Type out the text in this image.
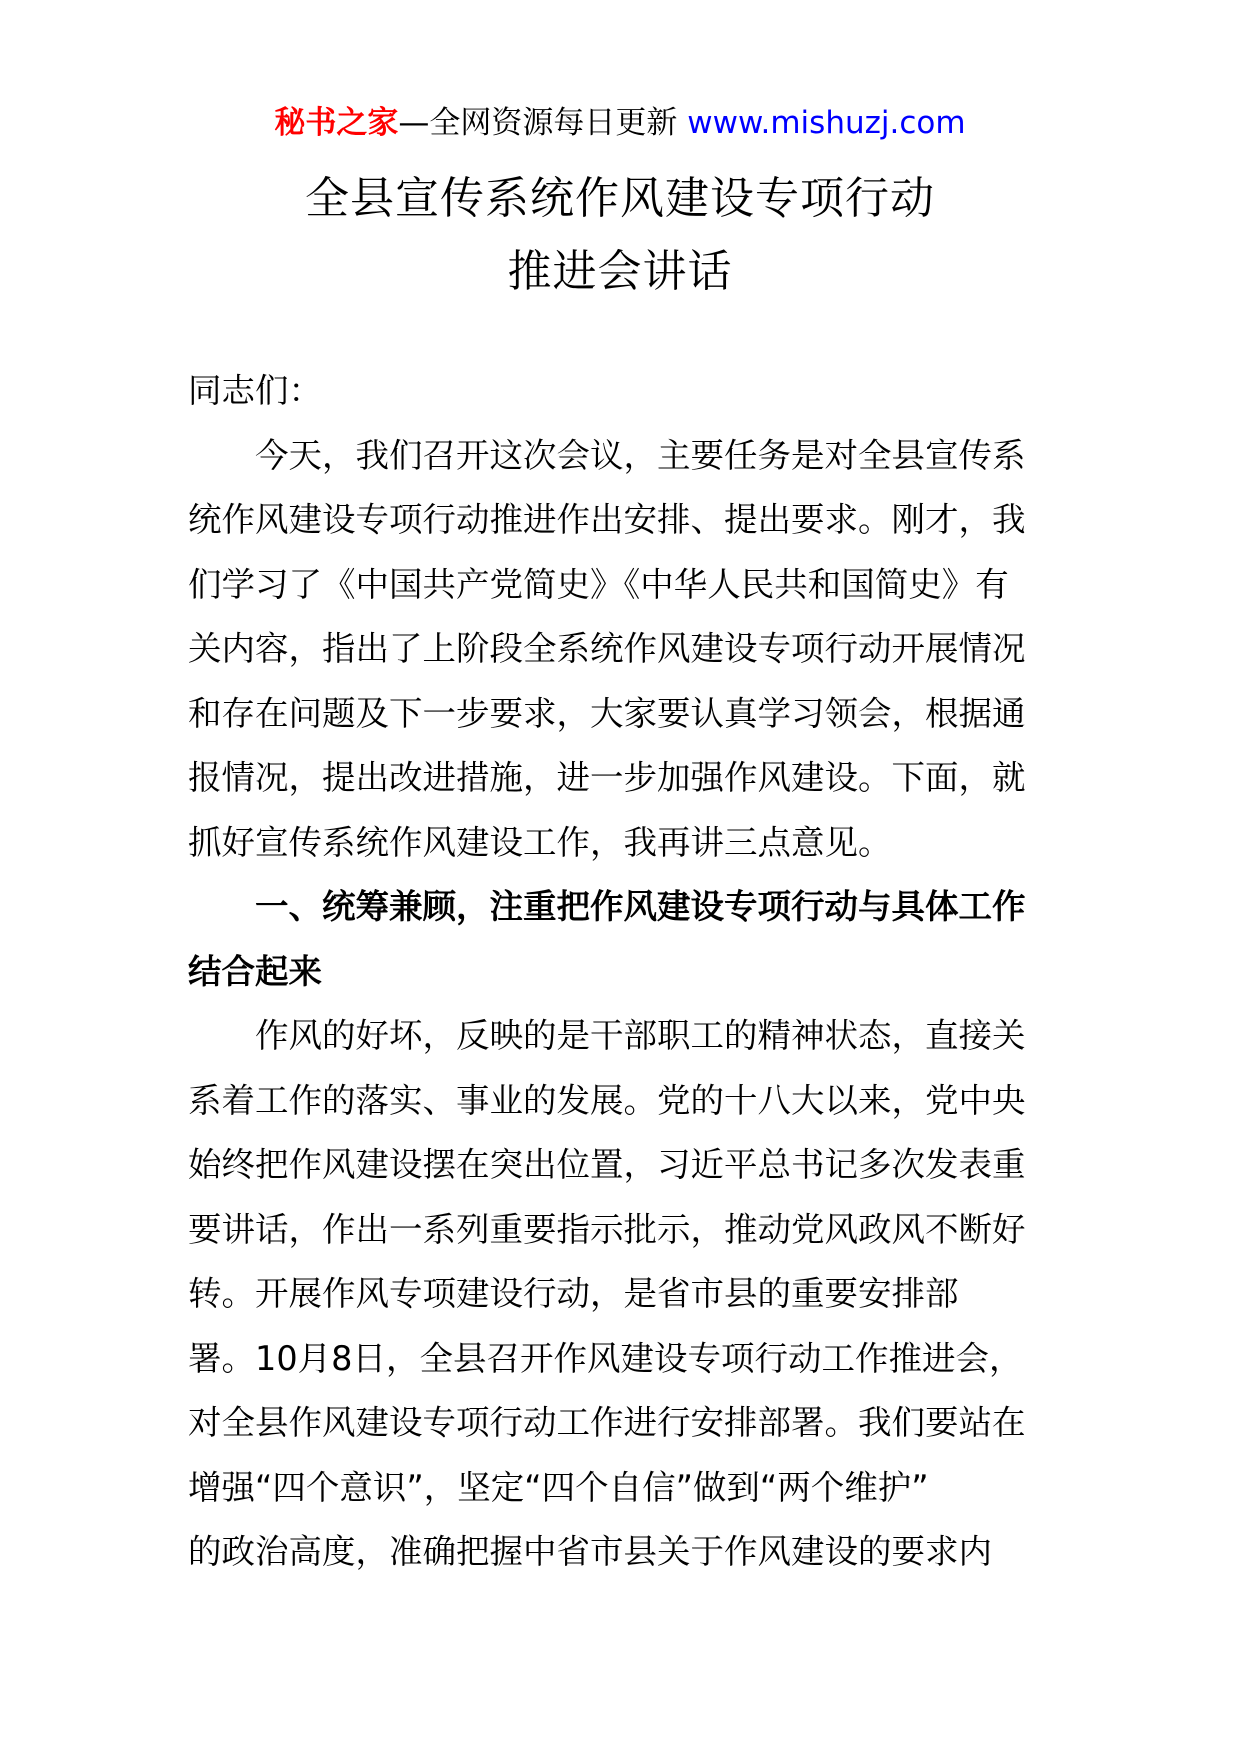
秘书之家—全网资源每日更新 www.mishuzj.com
全县宣传系统作风建设专项行动
推进会讲话
同志们：
　　今天，我们召开这次会议，主要任务是对全县宣传系
统作风建设专项行动推进作出安排、提出要求。刚才，我
们学习了《中国共产党简史》《中华人民共和国简史》有
关内容，指出了上阶段全系统作风建设专项行动开展情况
和存在问题及下一步要求，大家要认真学习领会，根据通
报情况，提出改进措施，进一步加强作风建设。下面，就
抓好宣传系统作风建设工作，我再讲三点意见。
　　一、统筹兼顾，注重把作风建设专项行动与具体工作
结合起来
　　作风的好坏，反映的是干部职工的精神状态，直接关
系着工作的落实、事业的发展。党的十八大以来，党中央
始终把作风建设摆在突出位置，习近平总书记多次发表重
要讲话，作出一系列重要指示批示，推动党风政风不断好
转。开展作风专项建设行动，是省市县的重要安排部
署。10月8日，全县召开作风建设专项行动工作推进会，
对全县作风建设专项行动工作进行安排部署。我们要站在
增强“四个意识”，坚定“四个自信”做到“两个维护”
的政治高度，准确把握中省市县关于作风建设的要求内
